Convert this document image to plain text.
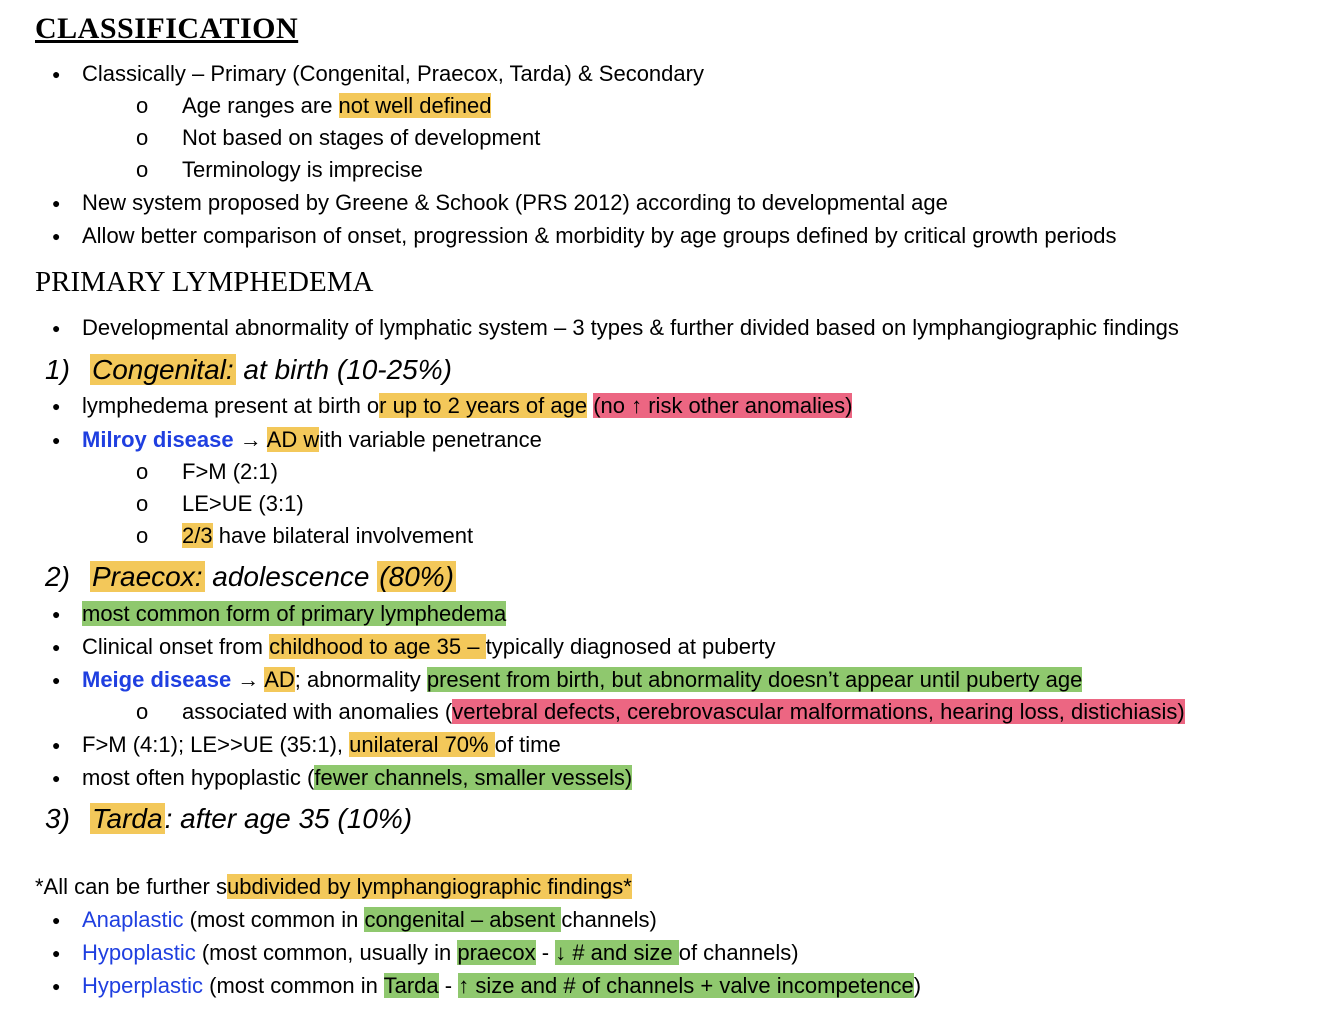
CLASSIFICATION
● Classically – Primary (Congenital, Praecox, Tarda) & Secondary
o Age ranges are not well defined
o Not based on stages of development
o Terminology is imprecise
● New system proposed by Greene & Schook (PRS 2012) according to developmental age
● Allow better comparison of onset, progression & morbidity by age groups defined by critical growth periods
PRIMARY LYMPHEDEMA
● Developmental abnormality of lymphatic system – 3 types & further divided based on lymphangiographic findings
1) Congenital: at birth (10-25%)
● lymphedema present at birth or up to 2 years of age (no ↑ risk other anomalies)
● Milroy disease → AD with variable penetrance
o F>M (2:1)
o LE>UE (3:1)
o 2/3 have bilateral involvement
2) Praecox: adolescence (80%)
● most common form of primary lymphedema
● Clinical onset from childhood to age 35 – typically diagnosed at puberty
● Meige disease → AD; abnormality present from birth, but abnormality doesn’t appear until puberty age
o associated with anomalies (vertebral defects, cerebrovascular malformations, hearing loss, distichiasis)
● F>M (4:1); LE>>UE (35:1), unilateral 70% of time
● most often hypoplastic (fewer channels, smaller vessels)
3) Tarda: after age 35 (10%)
*All can be further subdivided by lymphangiographic findings*
● Anaplastic (most common in congenital – absent channels)
● Hypoplastic (most common, usually in praecox - ↓ # and size of channels)
● Hyperplastic (most common in Tarda - ↑ size and # of channels + valve incompetence)
